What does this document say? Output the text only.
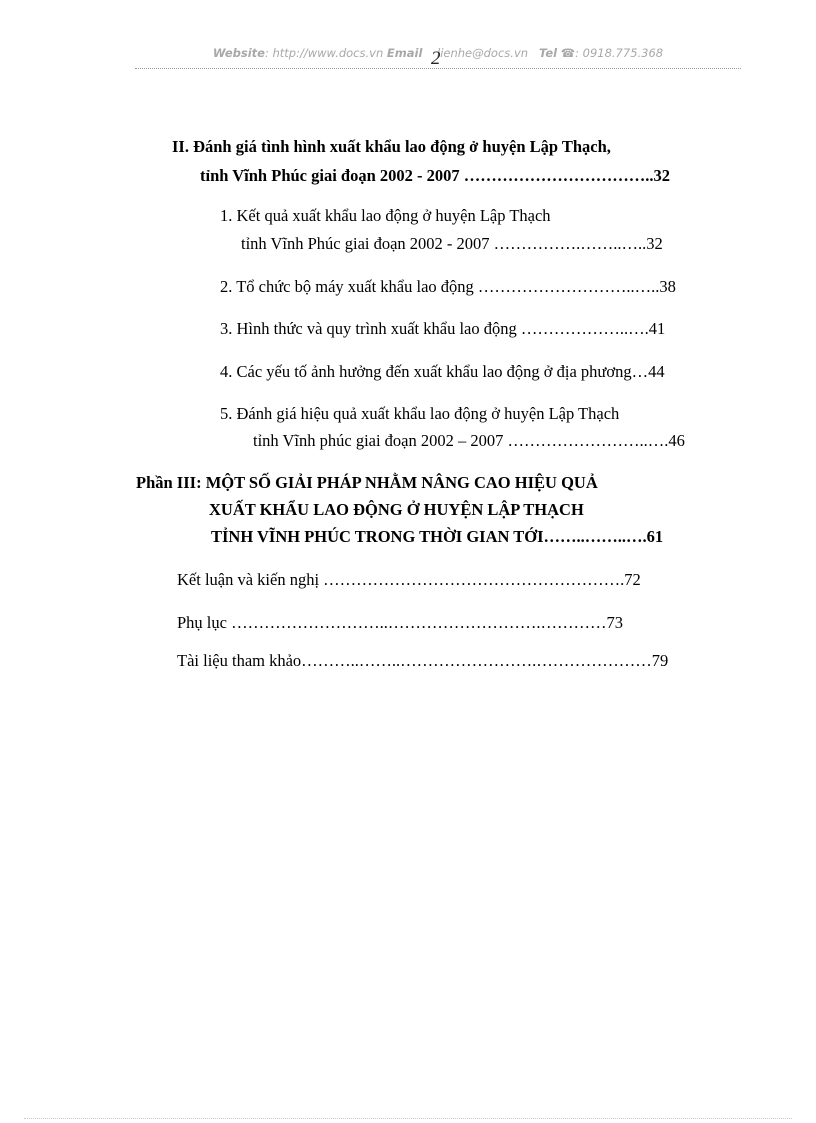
Website: http://www.docs.vn Email lienhe@docs.vn Tel ☎: 0918.775.368
2
II. Đánh giá tình hình xuất khẩu lao động ở huyện Lập Thạch,
tỉnh Vĩnh Phúc giai đoạn 2002 - 2007 ……………………………..32
1. Kết quả xuất khẩu lao động ở huyện Lập Thạch
tỉnh Vĩnh Phúc giai đoạn 2002 - 2007 …………….……..…..32
2. Tổ chức bộ máy xuất khẩu lao động ………………………..…..38
3. Hình thức và quy trình xuất khẩu lao động ………………..….41
4. Các yếu tố ảnh hưởng đến xuất khẩu lao động ở địa phương…44
5. Đánh giá hiệu quả xuất khẩu lao động ở huyện Lập Thạch
tỉnh Vĩnh phúc giai đoạn 2002 – 2007 ……………………..….46
Phần III: MỘT SỐ GIẢI PHÁP NHẰM NÂNG CAO HIỆU QUẢ
XUẤT KHẨU LAO ĐỘNG Ở HUYỆN LẬP THẠCH
TỈNH VĨNH PHÚC TRONG THỜI GIAN TỚI……..……..….61
Kết luận và kiến nghị ……………………………………………….72
Phụ lục ………………………..……………………….…………73
Tài liệu tham khảo………..……..…………………….…………………79
